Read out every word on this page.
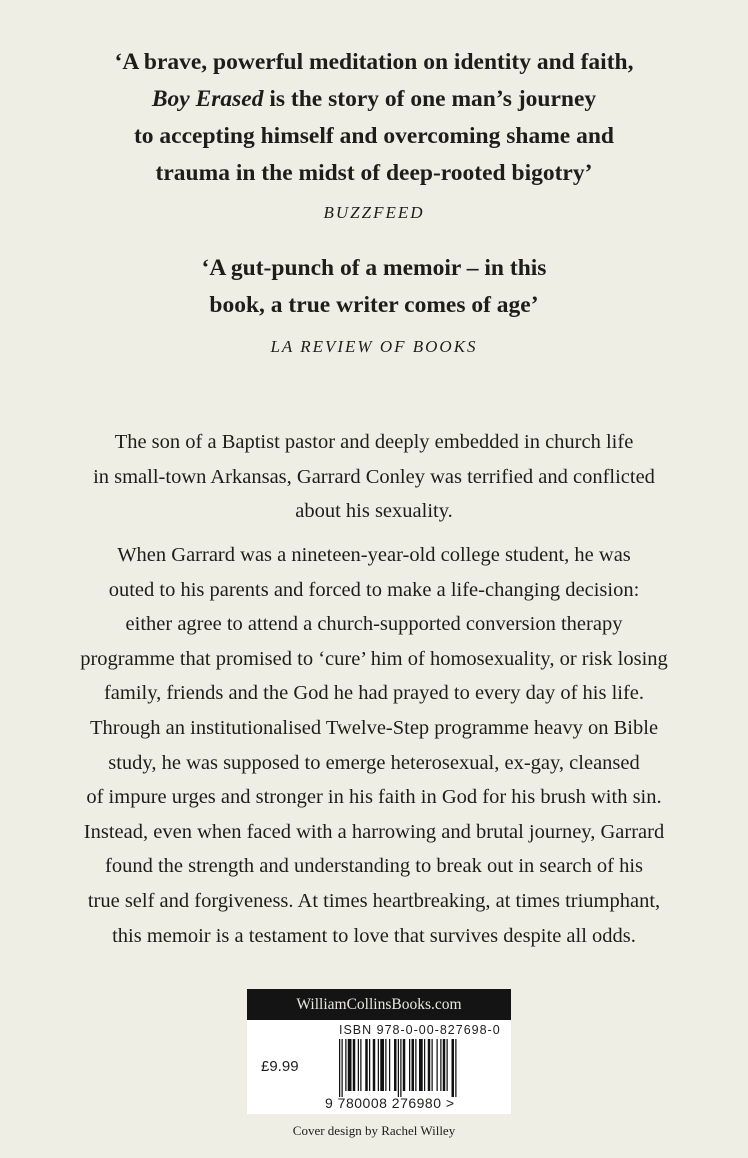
‘A brave, powerful meditation on identity and faith,
Boy Erased is the story of one man’s journey
to accepting himself and overcoming shame and
trauma in the midst of deep-rooted bigotry’
BUZZFEED
‘A gut-punch of a memoir – in this
book, a true writer comes of age’
LA REVIEW OF BOOKS
The son of a Baptist pastor and deeply embedded in church life
in small-town Arkansas, Garrard Conley was terrified and conflicted
about his sexuality.
When Garrard was a nineteen-year-old college student, he was
outed to his parents and forced to make a life-changing decision:
either agree to attend a church-supported conversion therapy
programme that promised to ‘cure’ him of homosexuality, or risk losing
family, friends and the God he had prayed to every day of his life.
Through an institutionalised Twelve-Step programme heavy on Bible
study, he was supposed to emerge heterosexual, ex-gay, cleansed
of impure urges and stronger in his faith in God for his brush with sin.
Instead, even when faced with a harrowing and brutal journey, Garrard
found the strength and understanding to break out in search of his
true self and forgiveness. At times heartbreaking, at times triumphant,
this memoir is a testament to love that survives despite all odds.
WilliamCollinsBooks.com
ISBN 978-0-00-827698-0
£9.99
9 780008 276980 >
Cover design by Rachel Willey
